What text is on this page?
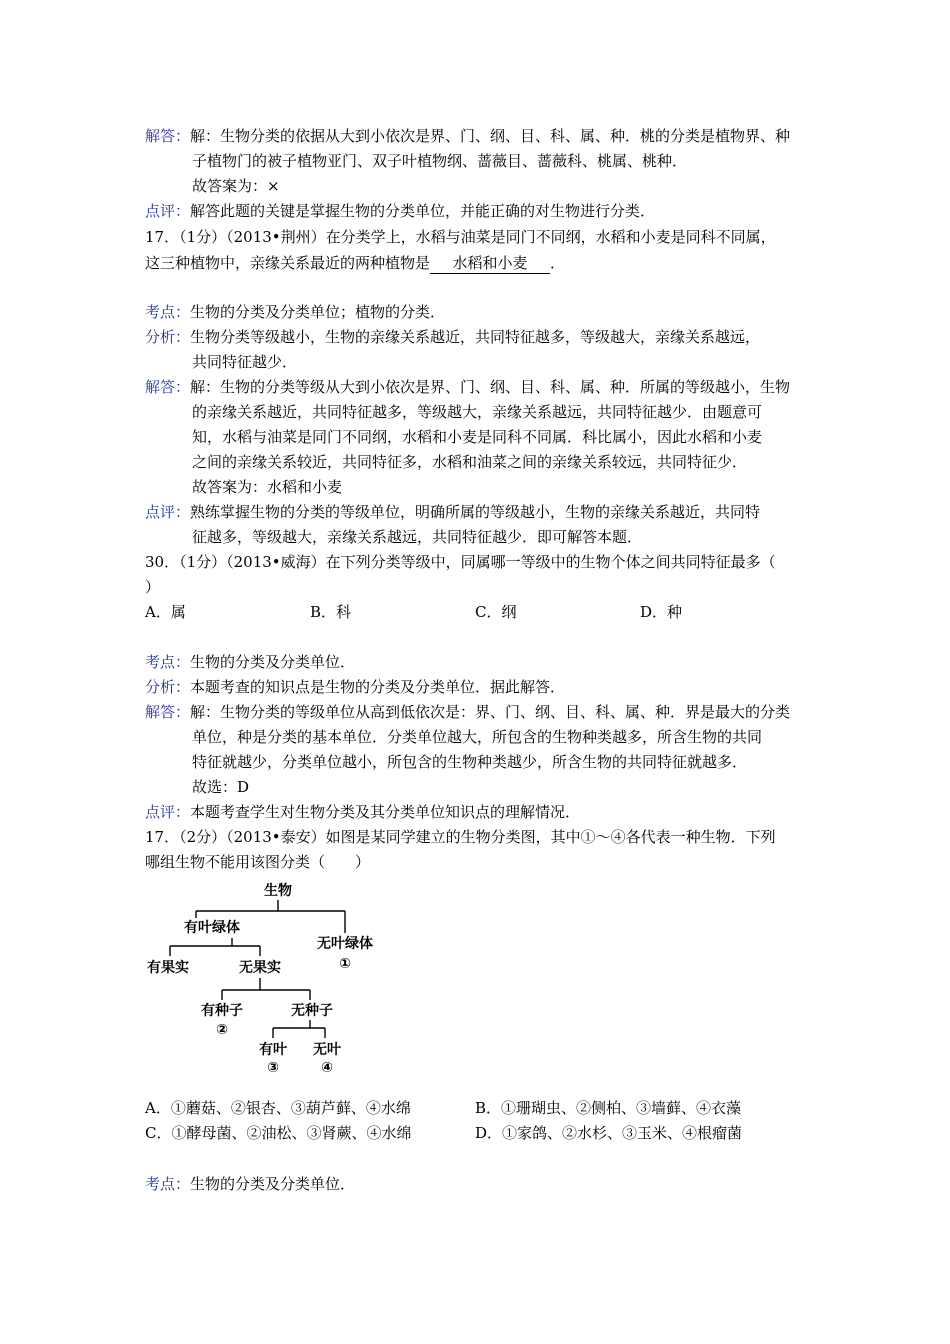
解答：解：生物分类的依据从大到小依次是界、门、纲、目、科、属、种．桃的分类是植物界、种
子植物门的被子植物亚门、双子叶植物纲、蔷薇目、蔷薇科、桃属、桃种．
故答案为：×
点评：解答此题的关键是掌握生物的分类单位，并能正确的对生物进行分类．
17．（1分）（2013•荆州）在分类学上，水稻与油菜是同门不同纲，水稻和小麦是同科不同属，
这三种植物中，亲缘关系最近的两种植物是 水稻和小麦 ．
考点：生物的分类及分类单位；植物的分类．
分析：生物分类等级越小，生物的亲缘关系越近，共同特征越多，等级越大，亲缘关系越远，
共同特征越少．
解答：解：生物的分类等级从大到小依次是界、门、纲、目、科、属、种．所属的等级越小，生物
的亲缘关系越近，共同特征越多，等级越大，亲缘关系越远，共同特征越少．由题意可
知，水稻与油菜是同门不同纲，水稻和小麦是同科不同属．科比属小，因此水稻和小麦
之间的亲缘关系较近，共同特征多，水稻和油菜之间的亲缘关系较远，共同特征少．
故答案为：水稻和小麦
点评：熟练掌握生物的分类的等级单位，明确所属的等级越小，生物的亲缘关系越近，共同特
征越多，等级越大，亲缘关系越远，共同特征越少．即可解答本题．
30．（1分）（2013•威海）在下列分类等级中，同属哪一等级中的生物个体之间共同特征最多（
）
A．属	B．科	C．纲	D．种
考点：生物的分类及分类单位．
分析：本题考查的知识点是生物的分类及分类单位．据此解答．
解答：解：生物分类的等级单位从高到低依次是：界、门、纲、目、科、属、种．界是最大的分类
单位，种是分类的基本单位．分类单位越大，所包含的生物种类越多，所含生物的共同
特征就越少，分类单位越小，所包含的生物种类越少，所含生物的共同特征就越多．
故选：D
点评：本题考查学生对生物分类及其分类单位知识点的理解情况．
17．（2分）（2013•泰安）如图是某同学建立的生物分类图，其中①～④各代表一种生物．下列
哪组生物不能用该图分类（　　）
生物
有叶绿体
无叶绿体
①
有果实	无果实
有种子
②
无种子
有叶
③
无叶
④
A．①蘑菇、②银杏、③葫芦藓、④水绵	B．①珊瑚虫、②侧柏、③墙藓、④衣藻
C．①酵母菌、②油松、③肾蕨、④水绵	D．①家鸽、②水杉、③玉米、④根瘤菌
考点：生物的分类及分类单位．
